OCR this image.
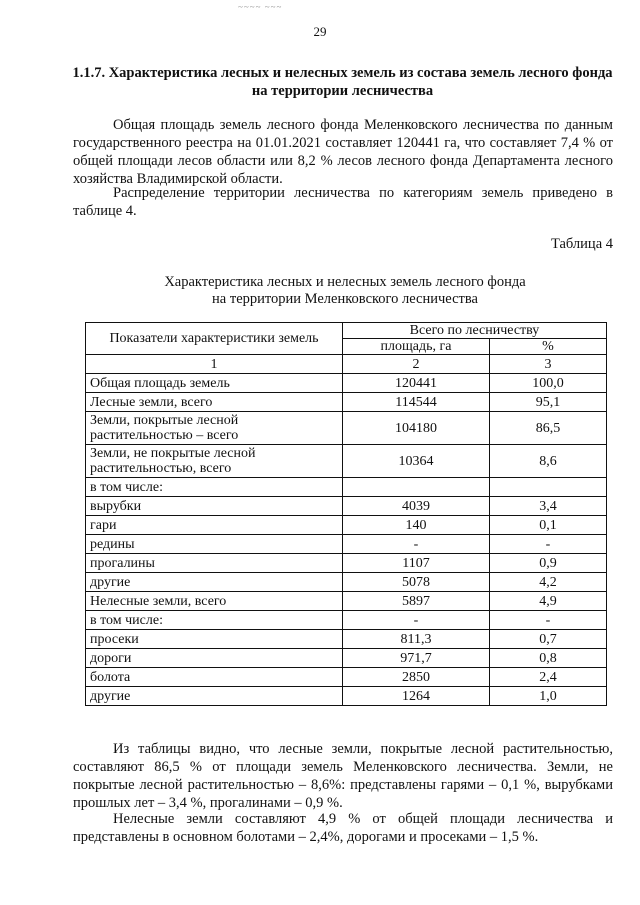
~~~~ ~~~
29
1.1.7. Характеристика лесных и нелесных земель из состава земель лесного фонда на территории лесничества
Общая площадь земель лесного фонда Меленковского лесничества по данным государственного реестра на 01.01.2021 составляет 120441 га, что составляет 7,4 % от общей площади лесов области или 8,2 % лесов лесного фонда Департамента лесного хозяйства Владимирской области.
Распределение территории лесничества по категориям земель приведено в таблице 4.
Таблица 4
Характеристика лесных и нелесных земель лесного фонда
на территории Меленковского лесничества
Показатели характеристики земель	Всего по лесничеству	
	площадь, га	%
1	2	3
Общая площадь земель	120441	100,0
Лесные земли, всего	114544	95,1
Земли, покрытые лесной растительностью – всего	104180	86,5
Земли, не покрытые лесной растительностью, всего	10364	8,6
в том числе:		
вырубки	4039	3,4
гари	140	0,1
редины	-	-
прогалины	1107	0,9
другие	5078	4,2
Нелесные земли, всего	5897	4,9
в том числе:	-	-
просеки	811,3	0,7
дороги	971,7	0,8
болота	2850	2,4
другие	1264	1,0
Из таблицы видно, что лесные земли, покрытые лесной растительностью, составляют 86,5 % от площади земель Меленковского лесничества. Земли, не покрытые лесной растительностью – 8,6%: представлены гарями – 0,1 %, вырубками прошлых лет – 3,4 %, прогалинами – 0,9 %.
Нелесные земли составляют 4,9 % от общей площади лесничества и представлены в основном болотами – 2,4%, дорогами и просеками – 1,5 %.
